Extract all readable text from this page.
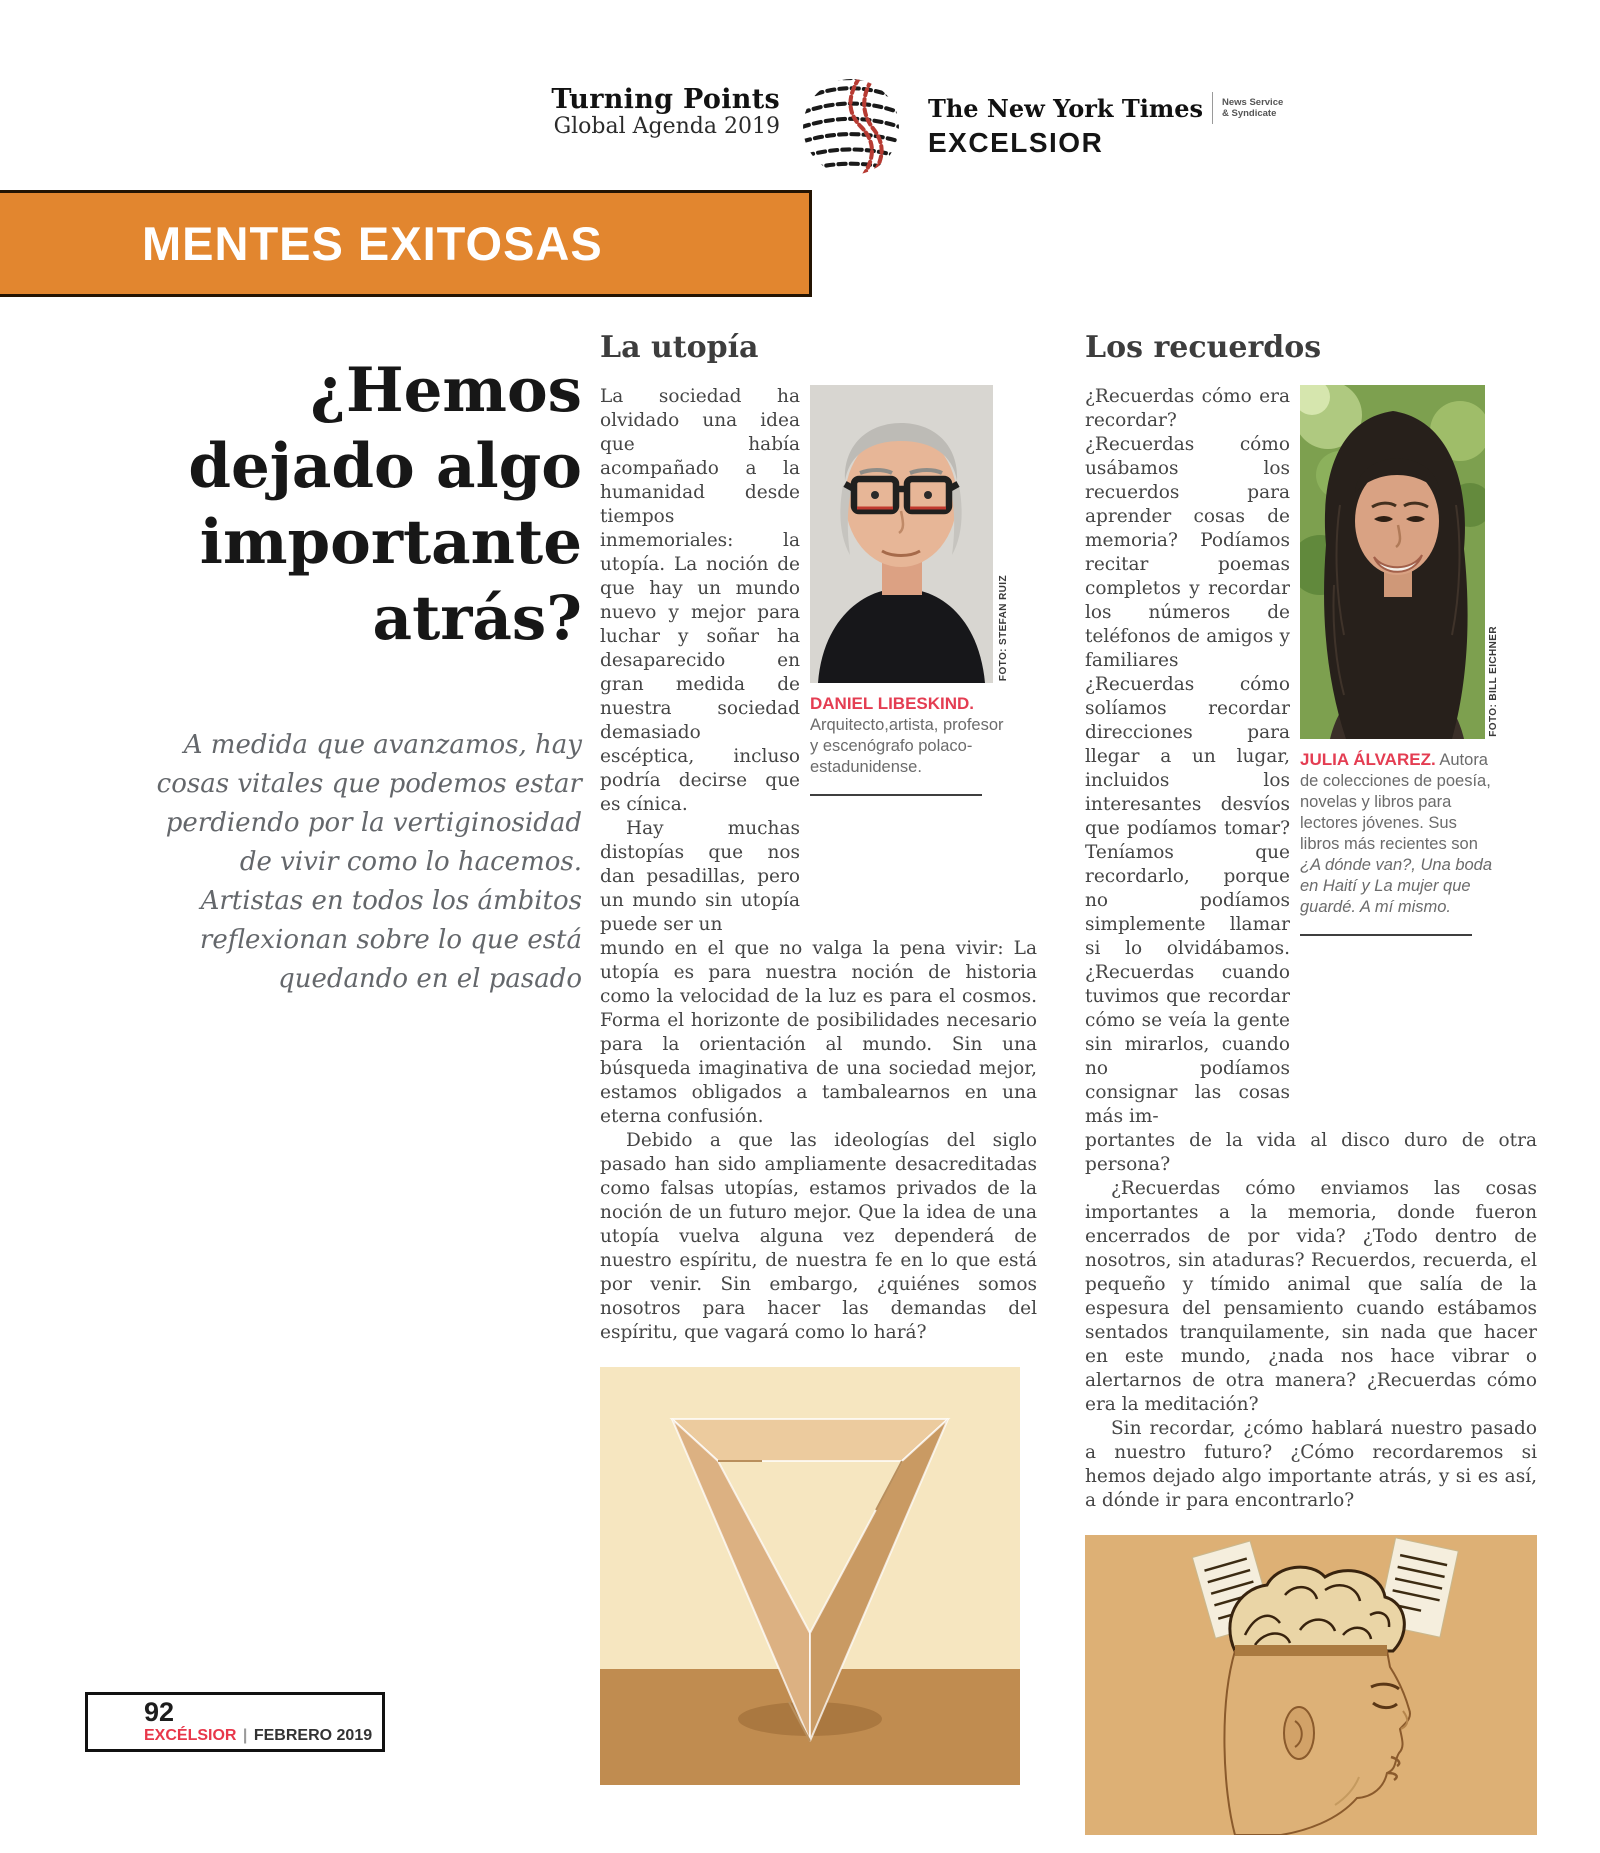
Turning Points
Global Agenda 2019
The New York Times News Service
& Syndicate
EXCELSIOR
MENTES EXITOSAS
¿Hemos dejado algo importante atrás?

A medida que avanzamos, hay cosas vitales que podemos estar perdiendo por la vertiginosidad de vivir como lo hacemos. Artistas en todos los ámbitos reflexionan sobre lo que está quedando en el pasado

La utopía

La sociedad ha olvidado una idea que había acompañado a la humanidad desde tiempos inmemoriales: la utopía. La noción de que hay un mundo nuevo y mejor para luchar y soñar ha desaparecido en gran medida de nuestra sociedad demasiado escéptica, incluso podría decirse que es cínica.

Hay muchas distopías que nos dan pesadillas, pero un mundo sin utopía puede ser un

FOTO: STEFAN RUIZ
DANIEL LIBESKIND. Arquitecto,artista, profesor y escenógrafo polaco-estadunidense.

mundo en el que no valga la pena vivir: La utopía es para nuestra noción de historia como la velocidad de la luz es para el cosmos. Forma el horizonte de posibilidades necesario para la orientación al mundo. Sin una búsqueda imaginativa de una sociedad mejor, estamos obligados a tambalearnos en una eterna confusión.

Debido a que las ideologías del siglo pasado han sido ampliamente desacreditadas como falsas utopías, estamos privados de la noción de un futuro mejor. Que la idea de una utopía vuelva alguna vez dependerá de nuestro espíritu, de nuestra fe en lo que está por venir. Sin embargo, ¿quiénes somos nosotros para hacer las demandas del espíritu, que vagará como lo hará?

Los recuerdos

¿Recuerdas cómo era recordar? ¿Recuerdas cómo usábamos los recuerdos para aprender cosas de memoria? Podíamos recitar poemas completos y recordar los números de teléfonos de amigos y familiares ¿Recuerdas cómo solíamos recordar direcciones para llegar a un lugar, incluidos los interesantes desvíos que podíamos tomar? Teníamos que recordarlo, porque no podíamos simplemente llamar si lo olvidábamos. ¿Recuerdas cuando tuvimos que recordar cómo se veía la gente sin mirarlos, cuando no podíamos consignar las cosas más im-

FOTO: BILL EICHNER
JULIA ÁLVAREZ. Autora de colecciones de poesía, novelas y libros para lectores jóvenes. Sus libros más recientes son ¿A dónde van?, Una boda en Haití y La mujer que guardé. A mí mismo.

portantes de la vida al disco duro de otra persona?

¿Recuerdas cómo enviamos las cosas importantes a la memoria, donde fueron encerrados de por vida? ¿Todo dentro de nosotros, sin ataduras? Recuerdos, recuerda, el pequeño y tímido animal que salía de la espesura del pensamiento cuando estábamos sentados tranquilamente, sin nada que hacer en este mundo, ¿nada nos hace vibrar o alertarnos de otra manera? ¿Recuerdas cómo era la meditación?

Sin recordar, ¿cómo hablará nuestro pasado a nuestro futuro? ¿Cómo recordaremos si hemos dejado algo importante atrás, y si es así, a dónde ir para encontrarlo?

92
EXCÉLSIOR | FEBRERO 2019
